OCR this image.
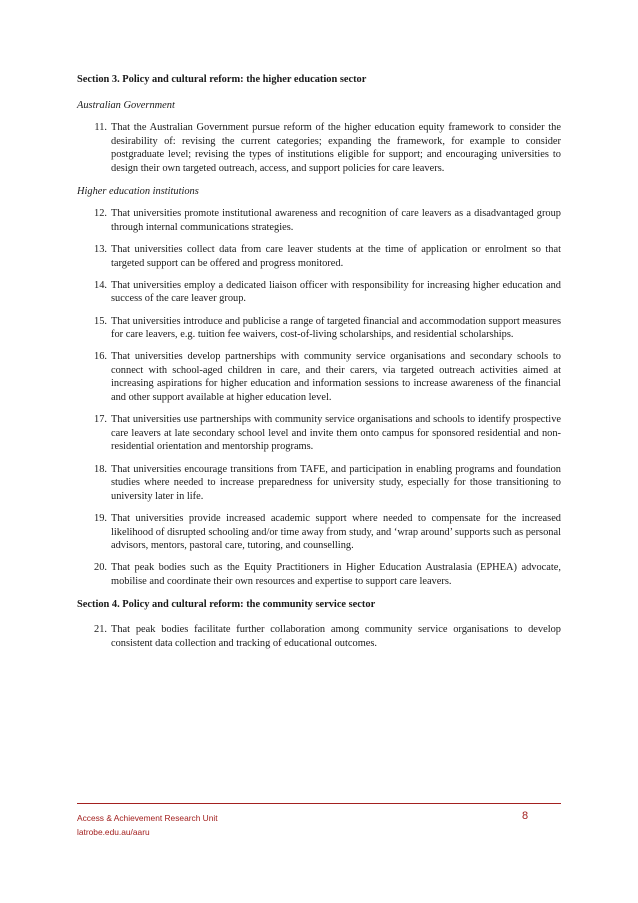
Section 3. Policy and cultural reform: the higher education sector
Australian Government
11. That the Australian Government pursue reform of the higher education equity framework to consider the desirability of: revising the current categories; expanding the framework, for example to consider postgraduate level; revising the types of institutions eligible for support; and encouraging universities to design their own targeted outreach, access, and support policies for care leavers.
Higher education institutions
12. That universities promote institutional awareness and recognition of care leavers as a disadvantaged group through internal communications strategies.
13. That universities collect data from care leaver students at the time of application or enrolment so that targeted support can be offered and progress monitored.
14. That universities employ a dedicated liaison officer with responsibility for increasing higher education and success of the care leaver group.
15. That universities introduce and publicise a range of targeted financial and accommodation support measures for care leavers, e.g. tuition fee waivers, cost-of-living scholarships, and residential scholarships.
16. That universities develop partnerships with community service organisations and secondary schools to connect with school-aged children in care, and their carers, via targeted outreach activities aimed at increasing aspirations for higher education and information sessions to increase awareness of the financial and other support available at higher education level.
17. That universities use partnerships with community service organisations and schools to identify prospective care leavers at late secondary school level and invite them onto campus for sponsored residential and non-residential orientation and mentorship programs.
18. That universities encourage transitions from TAFE, and participation in enabling programs and foundation studies where needed to increase preparedness for university study, especially for those transitioning to university later in life.
19. That universities provide increased academic support where needed to compensate for the increased likelihood of disrupted schooling and/or time away from study, and ‘wrap around’ supports such as personal advisors, mentors, pastoral care, tutoring, and counselling.
20. That peak bodies such as the Equity Practitioners in Higher Education Australasia (EPHEA) advocate, mobilise and coordinate their own resources and expertise to support care leavers.
Section 4. Policy and cultural reform: the community service sector
21. That peak bodies facilitate further collaboration among community service organisations to develop consistent data collection and tracking of educational outcomes.
Access & Achievement Research Unit
latrobe.edu.au/aaru
8
